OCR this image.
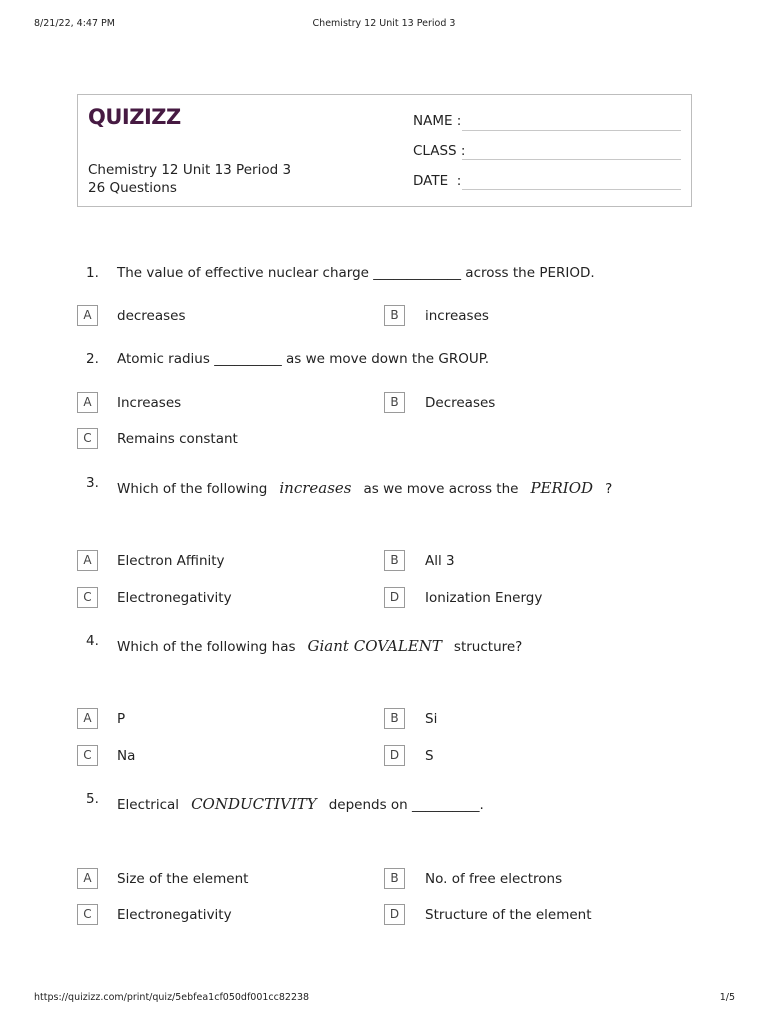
8/21/22, 4:47 PM	Chemistry 12 Unit 13 Period 3
QUIZIZZ
Chemistry 12 Unit 13 Period 3
26 Questions
NAME :
CLASS :
DATE  :
1. The value of effective nuclear charge _____________ across the PERIOD.
A	decreases	B	increases
2. Atomic radius __________ as we move down the GROUP.
A	Increases	B	Decreases
C	Remains constant
3. Which of the following increases as we move across the PERIOD ?
A	Electron Affinity	B	All 3
C	Electronegativity	D	Ionization Energy
4. Which of the following has Giant COVALENT structure?
A	P	B	Si
C	Na	D	S
5. Electrical CONDUCTIVITY depends on __________.
A	Size of the element	B	No. of free electrons
C	Electronegativity	D	Structure of the element
https://quizizz.com/print/quiz/5ebfea1cf050df001cc82238	1/5
